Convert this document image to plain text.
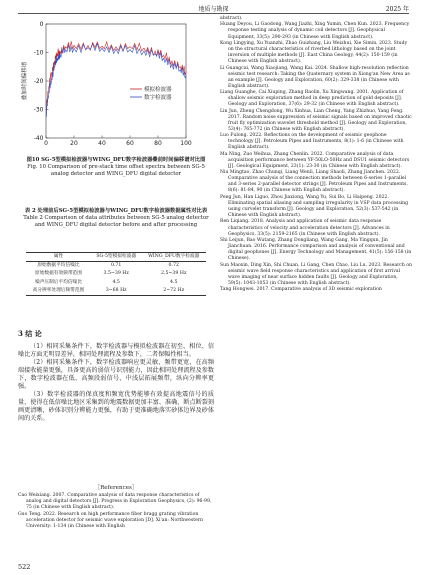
地质与勘探	2025 年
0	20	40	60	80	100
0
-10
-20
-30
-40
叠加时间偏移谱	模拟检波器
数字检波器
图10 SG-5型模拟检波器与WING_DFU数字检波器叠前时间偏移谱对比图
Fig. 10 Comparison of pre-stack time offset spectra between SG-5 analog detector and WING_DFU digital detector
表 2 处理前后SG-5型模拟检波器与WING_DFU数字检波器数据属性对比表
Table 2 Comparison of data attributes between SG-5 analog detector and WING_DFU digital detector before and after processing
属性	SG-5型模拟检波器	WING_DFU数字检波器
原始数据平均信噪比	0.71	0.72
原始数据有效频带范围	3.5~39 Hz	2.5~39 Hz
噪声压制后平均信噪比	4.5	4.5
高分辨率处理后频带范围	3~68 Hz	2~72 Hz
3 结 论

（1）相同采集条件下，数字检波器与模拟检波器在初至、相位、信噪比方面无明显差异，相同处理流程及参数下，二者保幅性相当。

（2）相同采集条件下，数字检波器响应更灵敏，频带更宽，在高频端接收能量更强，具备更高的弱信号识别能力，因此相同处理流程及参数下，数字检波器在低、高频段弱信号、中浅层拓展频带，纵向分辨率更强。

（3）数字检波器的保真度和频宽优势能够有效提高地震信号的质量，使得在低信噪比地区采集到的地震数据更加丰富、准确，断点断裂刻画更清晰，砂体识别分辨能力更强，有助于更准确地落实砂体边界及砂体间的关系。

［References］
Cao Weixiang. 2007. Comparative analysis of data response characteristics of analog and digital detectors [J]. Progress in Exploration Geophysics, (2): 96-99, 75 (in Chinese with English abstract).
Guo Teng. 2022. Research on high performance fiber bragg grating vibration acceleration detector for seismic wave exploration [D]. Xi'an: Northwestern University: 1-134 (in Chinese with English
abstract).
Huang Deyou, Li Gaodong, Wang Jiazhi, Xing Yumin, Chen Kun. 2023. Frequency response testing analysis of dynamic coil detectors [J]. Geophysical Equipment, 33(5): 290-293 (in Chinese with English abstract).
Kong Lingying, Xu Yuanzhi, Zhao Guizhang, Liu Weizhui, Xie Simin. 2023. Study on the structural characteristics of riverbed lithology based on the joint inversion of multiple methods [J]. East China Geology, 44(2): 150-159 (in Chinese with English abstract).
Li Guangcai, Wang Xiaojiang, Wang Kai. 2024. Shallow high-resolution reflection seismic test research: Taking the Quaternary system in Xiong'an New Area as an example [J]. Geology and Exploration, 60(2): 329-338 (in Chinese with English abstract).
Liang Guanghe, Cai Xiuping, Zhang Baolin, Xu Xingwang. 2001. Application of shallow seismic exploration method in deep prediction of gold deposits [J]. Geology and Exploration, 37(6): 29-32 (in Chinese with English abstract).
Lin Jun, Zheng Chengdong, Wu Xinhua, Lian Cheng, Yang Zhizhuo, Yang Feng. 2017. Random noise suppression of seismic signals based on improved chaotic fruit fly optimization wavelet threshold method [J]. Geology and Exploration, 53(4): 765-772 (in Chinese with English abstract).
Luo Fulong. 2022. Reflections on the development of seismic geophone technology [J]. Petroleum Pipes and Instruments, 8(1): 1-6 (in Chinese with English abstract).
Ma Ning, Zuo Weihua, Zhang Chenlin. 2022. Comparative analysis of data acquisition performance between YF-50LO-50Hz and DSU1 seismic detectors [J]. Geological Equipment, 23(1): 23-30 (in Chinese with English abstract).
Niu Mingtao, Zhao Chunqi, Liang Wenli, Liang Shaoli, Zhang Jianchen. 2022. Comparative analysis of the connection methods between 6-series 1-parallel and 3-series 2-parallel detector strings [J]. Petroleum Pipes and Instruments, 8(6): 81-84, 90 (in Chinese with English abstract).
Peng Jun, Han Liguo, Zhou Jiaxiong, Wang Yu, Sui Bo, Li Haipeng. 2022. Eliminating spatial aliasing and sampling irregularity in VSP data processing using curvelet transform [J]. Geology and Exploration, 52(3): 537-542 (in Chinese with English abstract).
Ren Liqiang. 2018. Analysis and application of seismic data response characteristics of velocity and acceleration detectors [J]. Advances in Geophysics, 33(5): 2159-2165 (in Chinese with English abstract).
Shi Leijun, Bao Wutang, Zhang Dongliang, Wang Gang, Ma Yingqun, Jin Jianchuan. 2016. Performance comparison and analysis of conventional and digital geophones [J]. Energy Technology and Management, 41(5): 156-158 (in Chinese).
Sun Maoxin, Ding Xin, Shi Chuan, Li Gang, Chen Chao, Liu Lu. 2023. Research on seismic wave field response characteristics and application of first arrival wave imaging of near surface hidden faults [J]. Geology and Exploration, 59(5): 1043-1053 (in Chinese with English abstract).
Tang Hongwei. 2017. Comparative analysis of 3D seismic exploration
522
